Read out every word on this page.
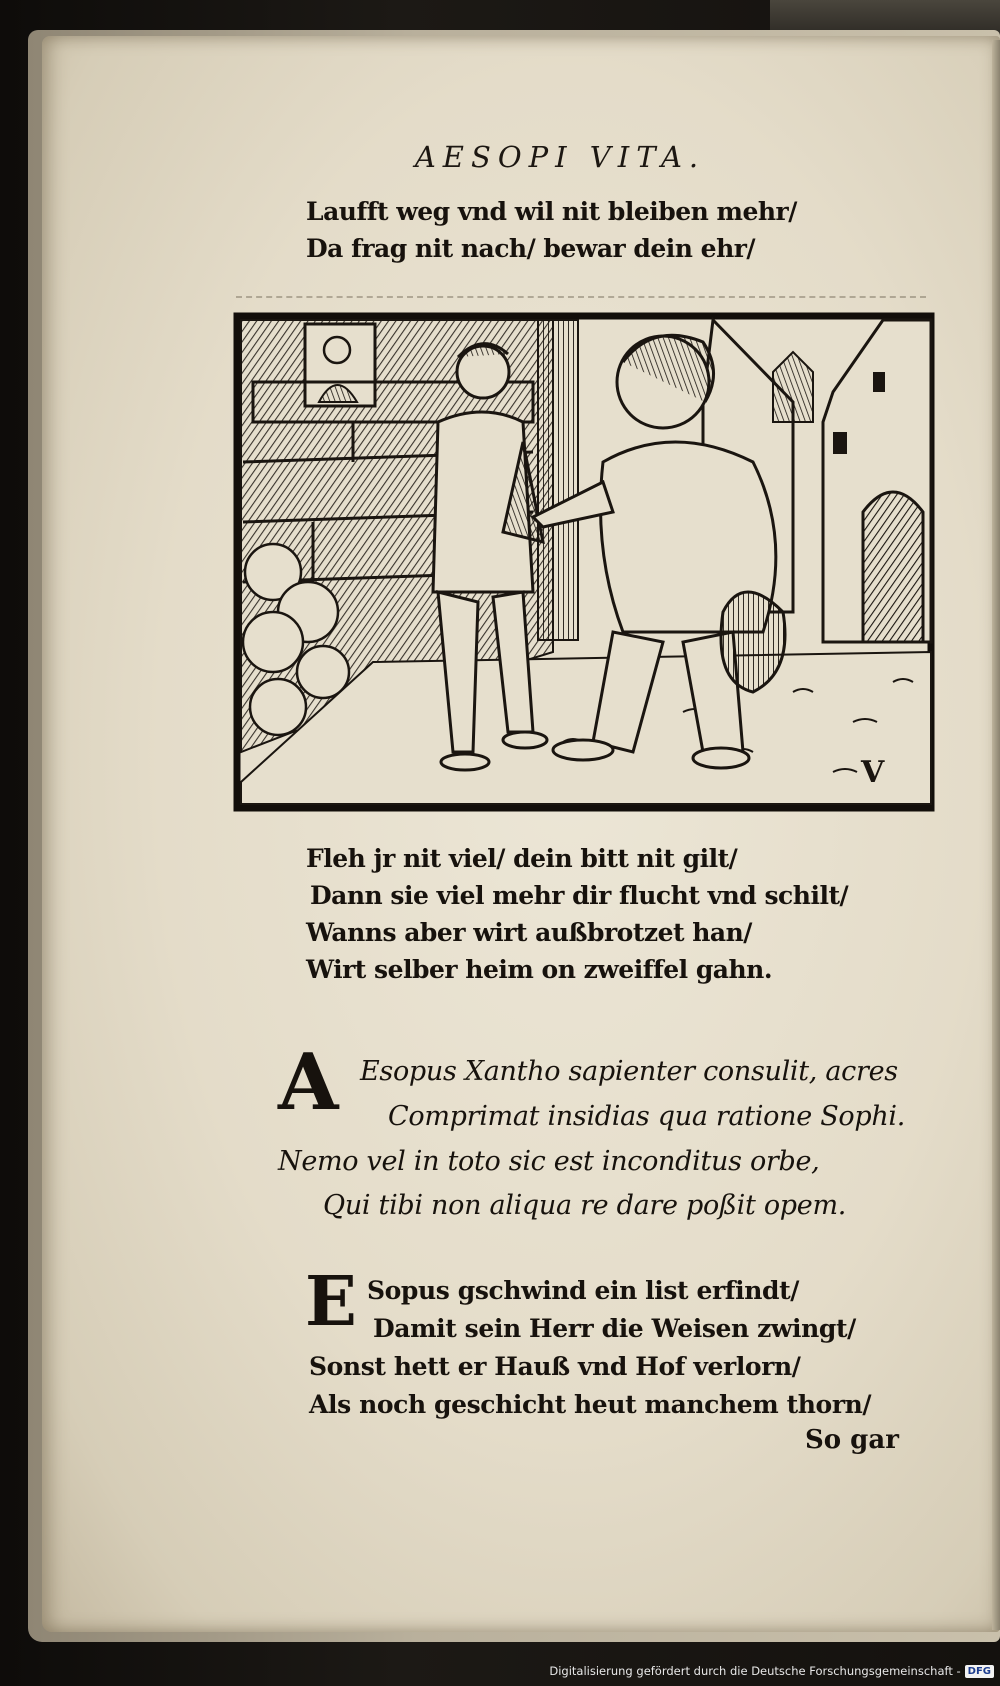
AESOPI VITA.
Laufft weg vnd wil nit bleiben mehr/
Da frag nit nach/ bewar dein ehr/
V
Fleh jr nit viel/ dein bitt nit gilt/
Dann sie viel mehr dir flucht vnd schilt/
Wanns aber wirt außbrotzet han/
Wirt selber heim on zweiffel gahn.
A Esopus Xantho sapienter consulit, acres
Comprimat insidias qua ratione Sophi.
Nemo vel in toto sic est inconditus orbe,
Qui tibi non aliqua re dare poßit opem.
E Sopus gschwind ein list erfindt/
Damit sein Herr die Weisen zwingt/
Sonst hett er Hauß vnd Hof verlorn/
Als noch geschicht heut manchem thorn/
So gar
Digitalisierung gefördert durch die Deutsche Forschungsgemeinschaft - DFG
